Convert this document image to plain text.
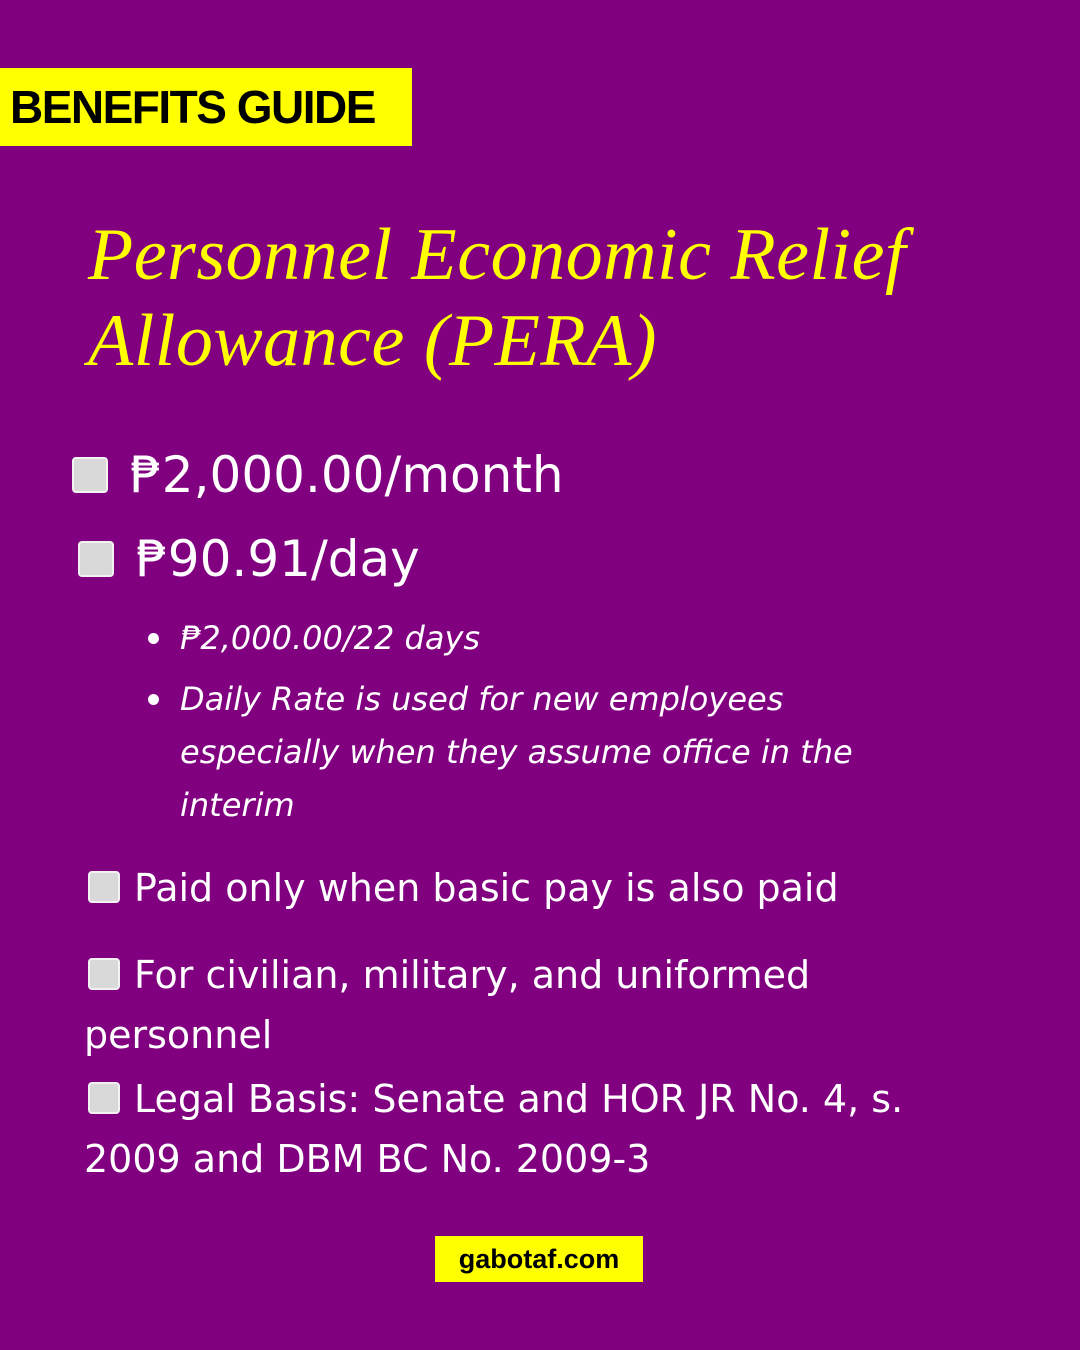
BENEFITS GUIDE
Personnel Economic Relief
Allowance (PERA)
₱2,000.00/month
₱90.91/day
₱2,000.00/22 days
Daily Rate is used for new employees especially when they assume office in the interim
Paid only when basic pay is also paid
For civilian, military, and uniformed personnel
Legal Basis: Senate and HOR JR No. 4, s. 2009 and DBM BC No. 2009-3
gabotaf.com
